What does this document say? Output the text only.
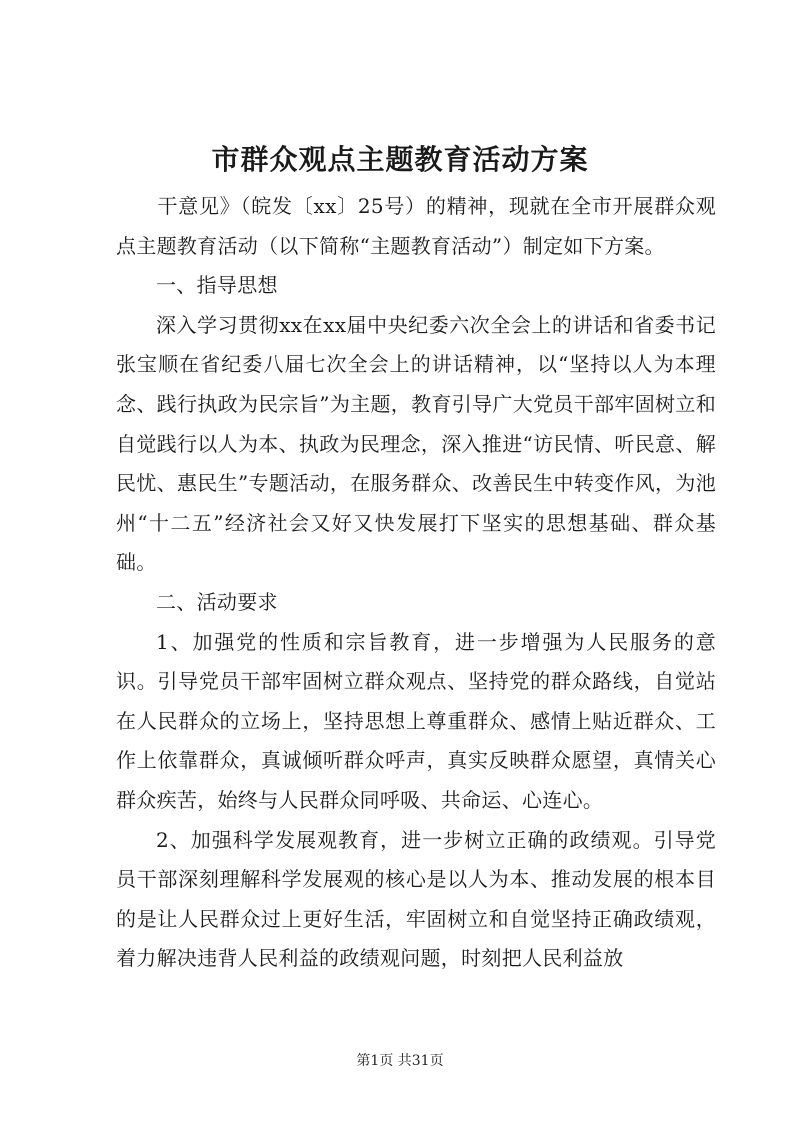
市群众观点主题教育活动方案

　　干意见》（皖发〔xx〕25号）的精神，现就在全市开展群众观点主题教育活动（以下简称“主题教育活动”）制定如下方案。

一、指导思想

深入学习贯彻xx在xx届中央纪委六次全会上的讲话和省委书记张宝顺在省纪委八届七次全会上的讲话精神，以“坚持以人为本理念、践行执政为民宗旨”为主题，教育引导广大党员干部牢固树立和自觉践行以人为本、执政为民理念，深入推进“访民情、听民意、解民忧、惠民生”专题活动，在服务群众、改善民生中转变作风，为池州“十二五”经济社会又好又快发展打下坚实的思想基础、群众基础。

二、活动要求

1、加强党的性质和宗旨教育，进一步增强为人民服务的意识。引导党员干部牢固树立群众观点、坚持党的群众路线，自觉站在人民群众的立场上，坚持思想上尊重群众、感情上贴近群众、工作上依靠群众，真诚倾听群众呼声，真实反映群众愿望，真情关心群众疾苦，始终与人民群众同呼吸、共命运、心连心。

2、加强科学发展观教育，进一步树立正确的政绩观。引导党员干部深刻理解科学发展观的核心是以人为本、推动发展的根本目的是让人民群众过上更好生活，牢固树立和自觉坚持正确政绩观，着力解决违背人民利益的政绩观问题，时刻把人民利益放

第1页 共31页
